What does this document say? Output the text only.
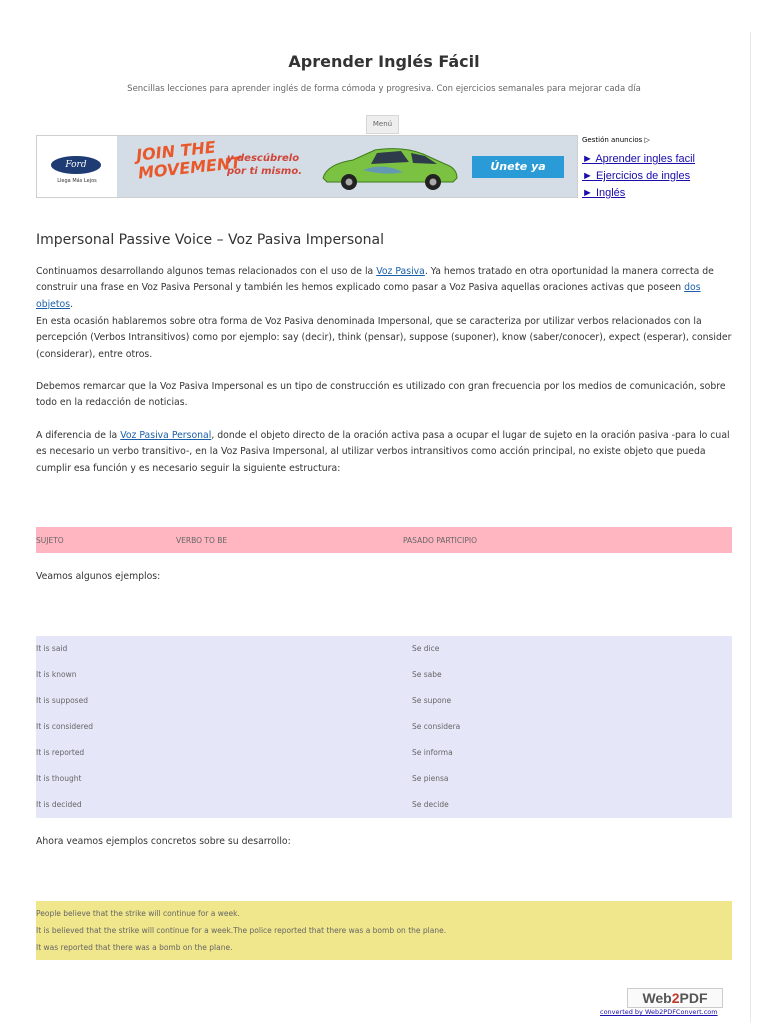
Aprender Inglés Fácil
Sencillas lecciones para aprender inglés de forma cómoda y progresiva. Con ejercicios semanales para mejorar cada día
Menú
Ford
Llega Más Lejos
JOIN THE MOVEMENT
y descúbrelo por ti mismo.	Únete ya
Gestión anuncios ▷
► Aprender ingles facil
► Ejercicios de ingles
► Inglés
Impersonal Passive Voice – Voz Pasiva Impersonal

Continuamos desarrollando algunos temas relacionados con el uso de la Voz Pasiva. Ya hemos tratado en otra oportunidad la manera correcta de construir una frase en Voz Pasiva Personal y también les hemos explicado como pasar a Voz Pasiva aquellas oraciones activas que poseen dos objetos.

En esta ocasión hablaremos sobre otra forma de Voz Pasiva denominada Impersonal, que se caracteriza por utilizar verbos relacionados con la percepción (Verbos Intransitivos) como por ejemplo: say (decir), think (pensar), suppose (suponer), know (saber/conocer), expect (esperar), consider (considerar), entre otros.

Debemos remarcar que la Voz Pasiva Impersonal es un tipo de construcción es utilizado con gran frecuencia por los medios de comunicación, sobre todo en la redacción de noticias.

A diferencia de la Voz Pasiva Personal, donde el objeto directo de la oración activa pasa a ocupar el lugar de sujeto en la oración pasiva -para lo cual es necesario un verbo transitivo-, en la Voz Pasiva Impersonal, al utilizar verbos intransitivos como acción principal, no existe objeto que pueda cumplir esa función y es necesario seguir la siguiente estructura:

SUJETO	VERBO TO BE	PASADO PARTICIPIO
Veamos algunos ejemplos:
It is said	Se dice
It is known	Se sabe
It is supposed	Se supone
It is considered	Se considera
It is reported	Se informa
It is thought	Se piensa
It is decided	Se decide
Ahora veamos ejemplos concretos sobre su desarrollo:
People believe that the strike will continue for a week.
It is believed that the strike will continue for a week.The police reported that there was a bomb on the plane.
It was reported that there was a bomb on the plane.
Web2PDF
converted by Web2PDFConvert.com
